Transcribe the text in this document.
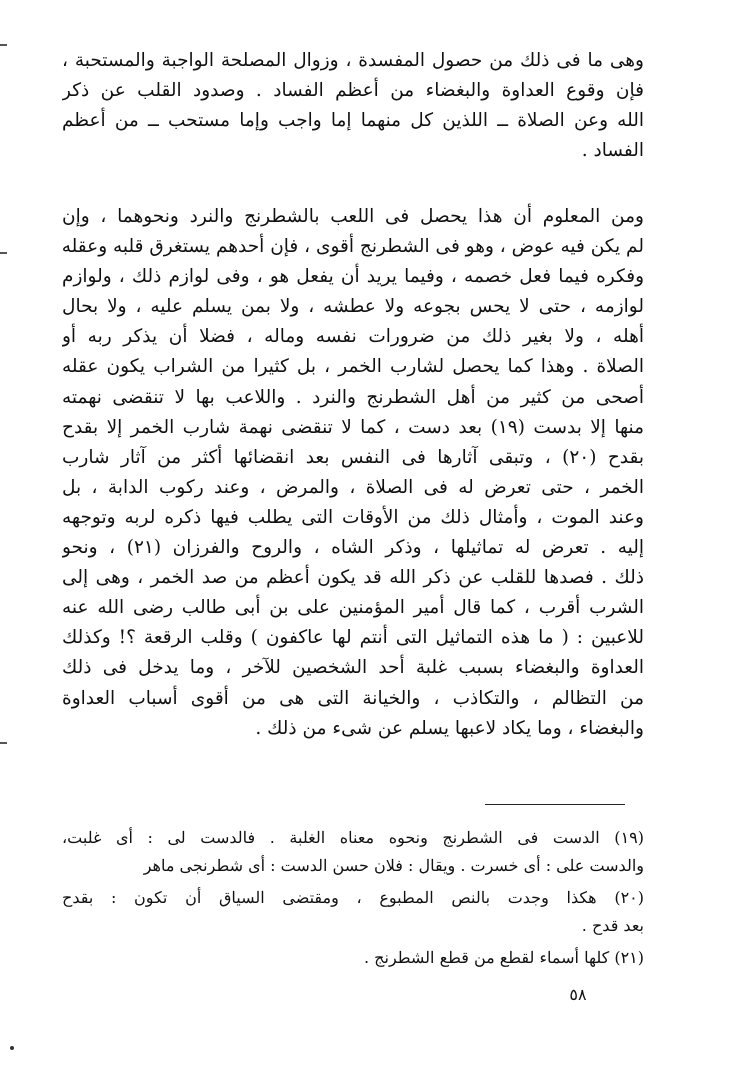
وهى ما فى ذلك من حصول المفسدة ، وزوال المصلحة الواجبة والمستحبة ،
فإن وقوع العداوة والبغضاء من أعظم الفساد . وصدود القلب عن ذكر
الله وعن الصلاة ــ اللذين كل منهما إما واجب وإما مستحب ــ من أعظم
الفساد .
ومن المعلوم أن هذا يحصل فى اللعب بالشطرنج والنرد ونحوهما ، وإن
لم يكن فيه عوض ، وهو فى الشطرنج أقوى ، فإن أحدهم يستغرق قلبه وعقله
وفكره فيما فعل خصمه ، وفيما يريد أن يفعل هو ، وفى لوازم ذلك ، ولوازم
لوازمه ، حتى لا يحس بجوعه ولا عطشه ، ولا بمن يسلم عليه ، ولا بحال
أهله ، ولا بغير ذلك من ضرورات نفسه وماله ، فضلا أن يذكر ربه أو
الصلاة . وهذا كما يحصل لشارب الخمر ، بل كثيرا من الشراب يكون عقله
أصحى من كثير من أهل الشطرنج والنرد . واللاعب بها لا تنقضى نهمته
منها إلا بدست (١٩) بعد دست ، كما لا تنقضى نهمة شارب الخمر إلا بقدح
بقدح (٢٠) ، وتبقى آثارها فى النفس بعد انقضائها أكثر من آثار شارب
الخمر ، حتى تعرض له فى الصلاة ، والمرض ، وعند ركوب الدابة ، بل
وعند الموت ، وأمثال ذلك من الأوقات التى يطلب فيها ذكره لربه وتوجهه
إليه . تعرض له تماثيلها ، وذكر الشاه ، والروح والفرزان (٢١) ، ونحو
ذلك . فصدها للقلب عن ذكر الله قد يكون أعظم من صد الخمر ، وهى إلى
الشرب أقرب ، كما قال أمير المؤمنين على بن أبى طالب رضى الله عنه
للاعبين : ( ما هذه التماثيل التى أنتم لها عاكفون ) وقلب الرقعة ؟! وكذلك
العداوة والبغضاء بسبب غلبة أحد الشخصين للآخر ، وما يدخل فى ذلك
من التظالم ، والتكاذب ، والخيانة التى هى من أقوى أسباب العداوة
والبغضاء ، وما يكاد لاعبها يسلم عن شىء من ذلك .
(١٩) الدست فى الشطرنج ونحوه معناه الغلبة . فالدست لى : أى غلبت،
والدست على : أى خسرت . ويقال : فلان حسن الدست : أى شطرنجى ماهر
(٢٠) هكذا وجدت بالنص المطبوع ، ومقتضى السياق أن تكون : بقدح
بعد قدح .
(٢١) كلها أسماء لقطع من قطع الشطرنج .
٥٨
